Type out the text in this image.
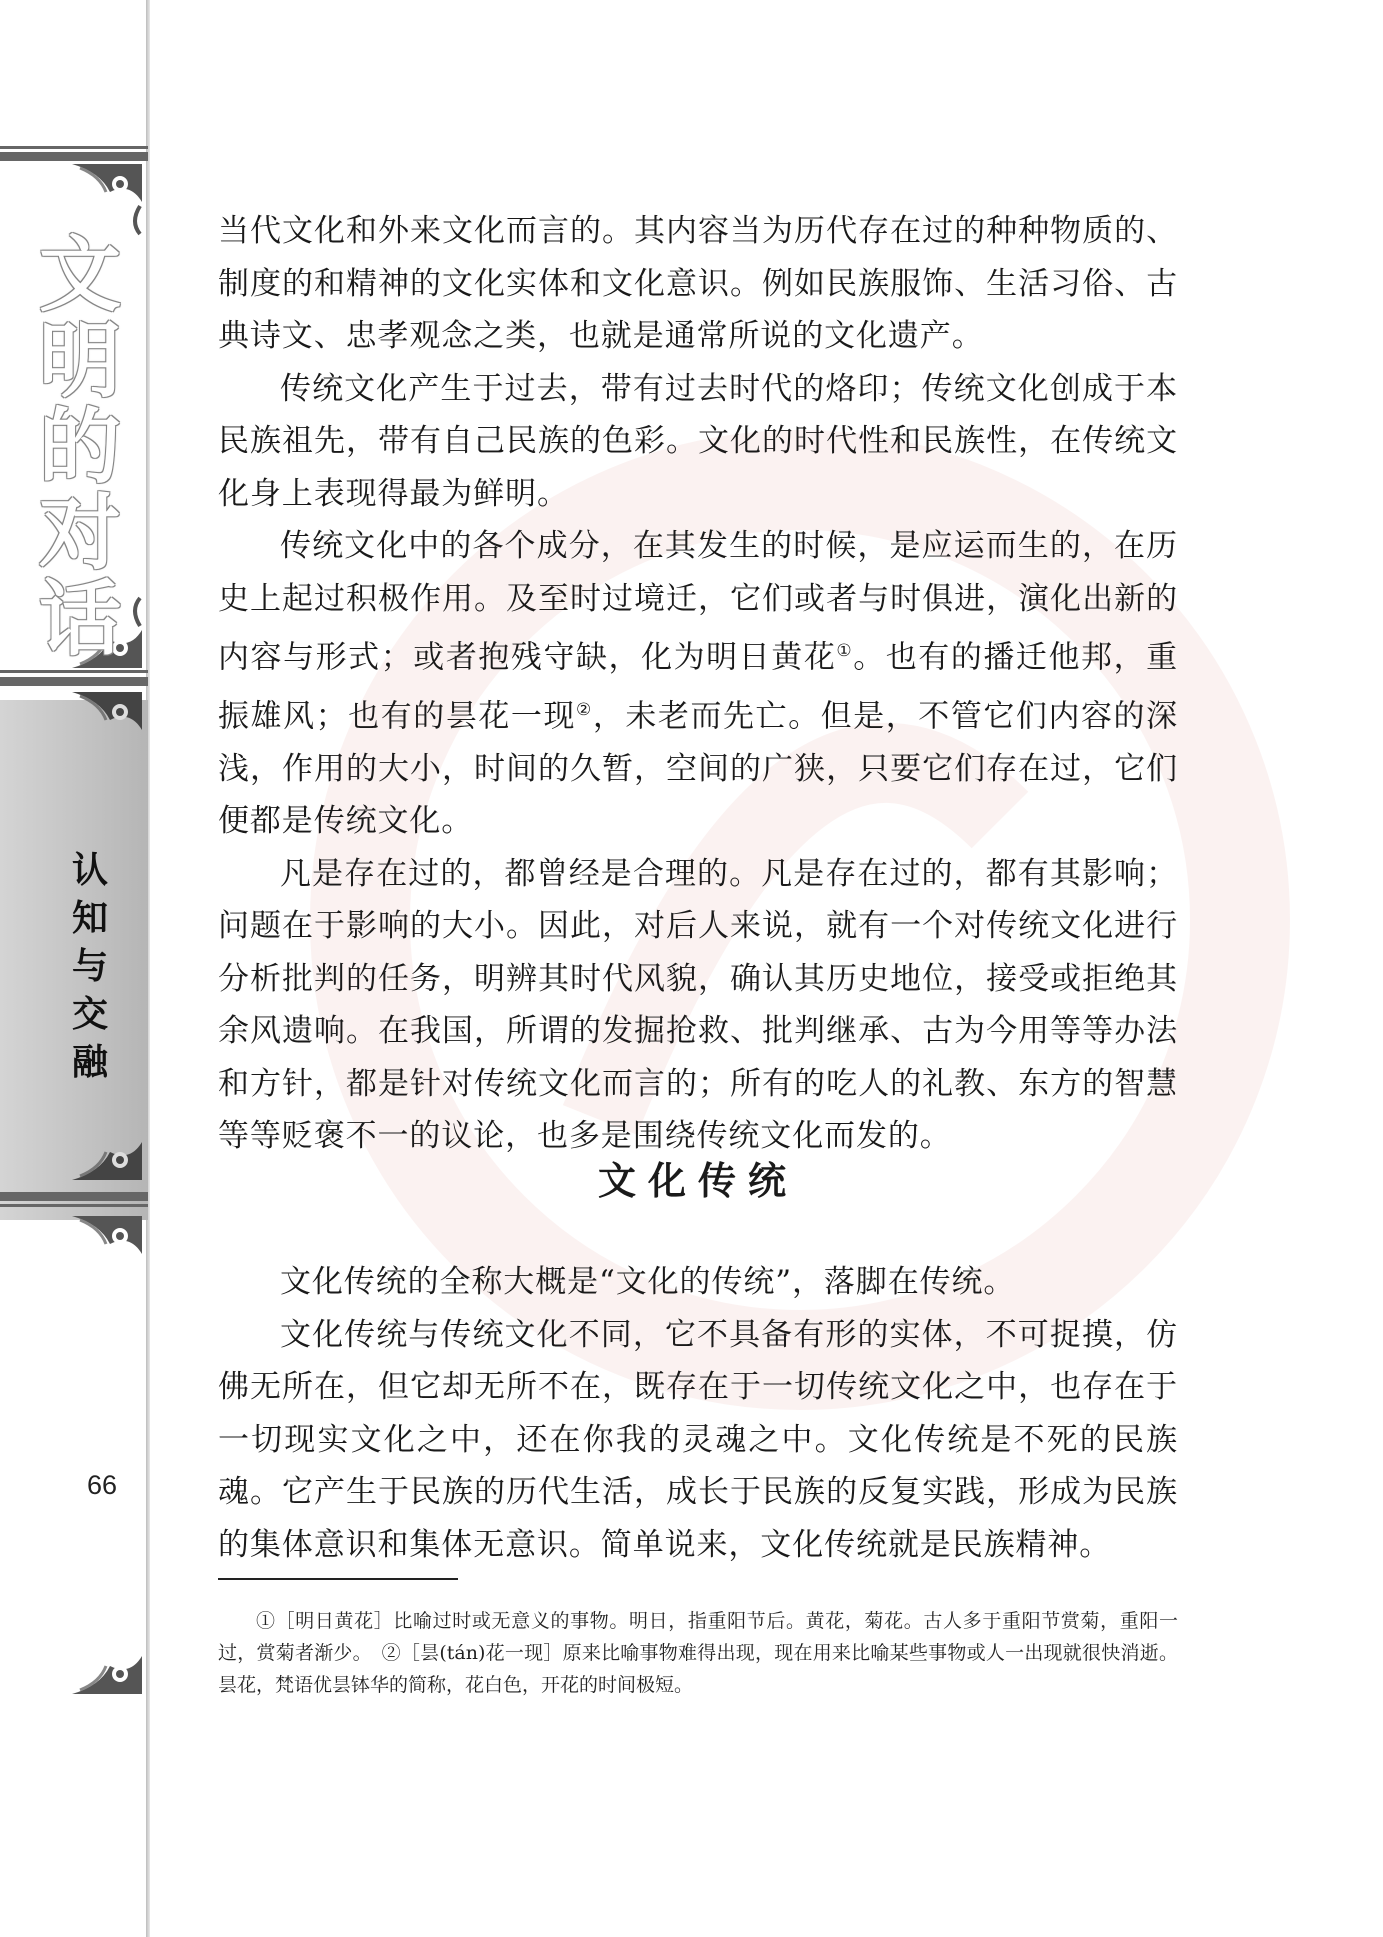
文
明
的
对
话
认
知
与
交
融
66

当代文化和外来文化而言的。其内容当为历代存在过的种种物质的、制度的和精神的文化实体和文化意识。例如民族服饰、生活习俗、古典诗文、忠孝观念之类，也就是通常所说的文化遗产。

传统文化产生于过去，带有过去时代的烙印；传统文化创成于本民族祖先，带有自己民族的色彩。文化的时代性和民族性，在传统文化身上表现得最为鲜明。

传统文化中的各个成分，在其发生的时候，是应运而生的，在历史上起过积极作用。及至时过境迁，它们或者与时俱进，演化出新的内容与形式；或者抱残守缺，化为明日黄花①。也有的播迁他邦，重振雄风；也有的昙花一现②，未老而先亡。但是，不管它们内容的深浅，作用的大小，时间的久暂，空间的广狭，只要它们存在过，它们便都是传统文化。

凡是存在过的，都曾经是合理的。凡是存在过的，都有其影响；问题在于影响的大小。因此，对后人来说，就有一个对传统文化进行分析批判的任务，明辨其时代风貌，确认其历史地位，接受或拒绝其余风遗响。在我国，所谓的发掘抢救、批判继承、古为今用等等办法和方针，都是针对传统文化而言的；所有的吃人的礼教、东方的智慧等等贬褒不一的议论，也多是围绕传统文化而发的。

文化传统

文化传统的全称大概是“文化的传统”，落脚在传统。

文化传统与传统文化不同，它不具备有形的实体，不可捉摸，仿佛无所在，但它却无所不在，既存在于一切传统文化之中，也存在于一切现实文化之中，还在你我的灵魂之中。文化传统是不死的民族魂。它产生于民族的历代生活，成长于民族的反复实践，形成为民族的集体意识和集体无意识。简单说来，文化传统就是民族精神。

①［明日黄花］比喻过时或无意义的事物。明日，指重阳节后。黄花，菊花。古人多于重阳节赏菊，重阳一过，赏菊者渐少。　②［昙(tán)花一现］原来比喻事物难得出现，现在用来比喻某些事物或人一出现就很快消逝。昙花，梵语优昙钵华的简称，花白色，开花的时间极短。
